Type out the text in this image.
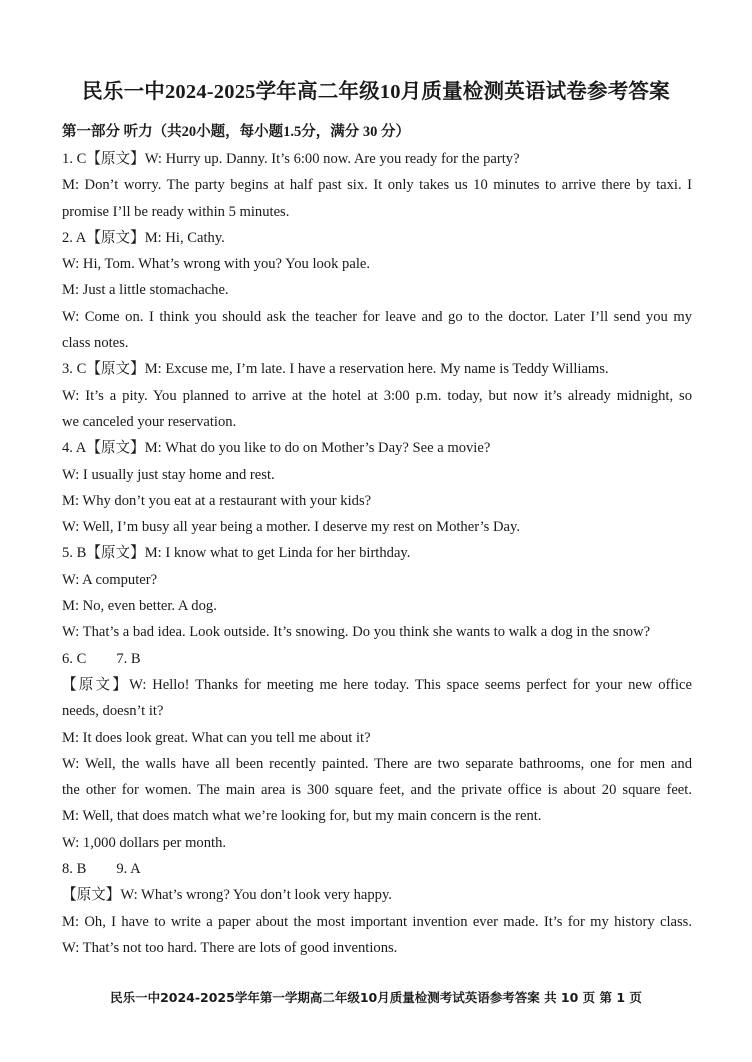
民乐一中2024-2025学年高二年级10月质量检测英语试卷参考答案
第一部分 听力（共20小题，每小题1.5分，满分 30 分）
1. C【原文】W: Hurry up. Danny. It’s 6:00 now. Are you ready for the party?
M: Don’t worry. The party begins at half past six. It only takes us 10 minutes to arrive there by taxi. I
promise I’ll be ready within 5 minutes.
2. A【原文】M: Hi, Cathy.
W: Hi, Tom. What’s wrong with you? You look pale.
M: Just a little stomachache.
W: Come on. I think you should ask the teacher for leave and go to the doctor. Later I’ll send you my
class notes.
3. C【原文】M: Excuse me, I’m late. I have a reservation here. My name is Teddy Williams.
W: It’s a pity. You planned to arrive at the hotel at 3:00 p.m. today, but now it’s already midnight, so
we canceled your reservation.
4. A【原文】M: What do you like to do on Mother’s Day? See a movie?
W: I usually just stay home and rest.
M: Why don’t you eat at a restaurant with your kids?
W: Well, I’m busy all year being a mother. I deserve my rest on Mother’s Day.
5. B【原文】M: I know what to get Linda for her birthday.
W: A computer?
M: No, even better. A dog.
W: That’s a bad idea. Look outside. It’s snowing. Do you think she wants to walk a dog in the snow?
6. C 7. B
【原文】W: Hello! Thanks for meeting me here today. This space seems perfect for your new office
needs, doesn’t it?
M: It does look great. What can you tell me about it?
W: Well, the walls have all been recently painted. There are two separate bathrooms, one for men and
the other for women. The main area is 300 square feet, and the private office is about 20 square feet.
M: Well, that does match what we’re looking for, but my main concern is the rent.
W: 1,000 dollars per month.
8. B 9. A
【原文】W: What’s wrong? You don’t look very happy.
M: Oh, I have to write a paper about the most important invention ever made. It’s for my history class.
W: That’s not too hard. There are lots of good inventions.
民乐一中2024-2025学年第一学期高二年级10月质量检测考试英语参考答案 共 10 页 第 1 页
